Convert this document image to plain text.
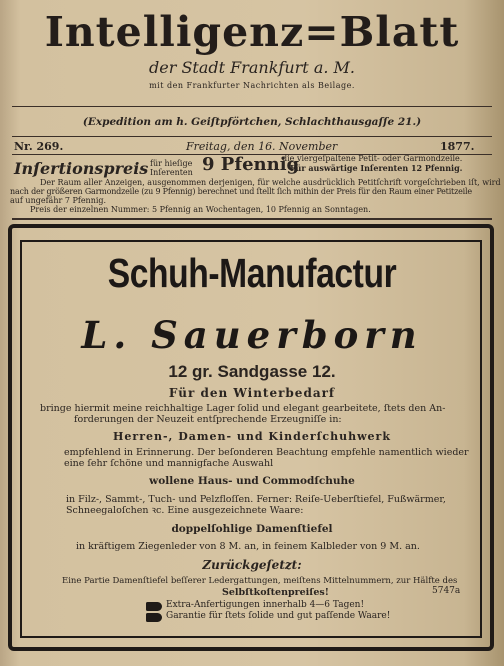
Intelligenz=Blatt
der Stadt Frankfurt a. M.
mit den Frankfurter Nachrichten als Beilage.
(Expedition am h. Geiſtpförtchen, Schlachthausgaſſe 21.)
Nr. 269.	Freitag, den 16. November	1877.
Inſertionspreis für hieſige Inſerenten 9 Pfennig
die viergeſpaltene Petit- oder Garmondzeile.
Für auswärtige Inſerenten 12 Pfennig.
Der Raum aller Anzeigen, ausgenommen derjenigen, für welche ausdrücklich Petitſchrift vorgeſchrieben iſt, wird
nach der größeren Garmondzeile (zu 9 Pfennig) berechnet und ſtellt ſich mithin der Preis für den Raum einer Petitzeile
auf ungefähr 7 Pfennig.
Preis der einzelnen Nummer: 5 Pfennig an Wochentagen, 10 Pfennig an Sonntagen.
Schuh-Manufactur
L. Sauerborn
12 gr. Sandgasse 12.
Für den Winterbedarf
bringe hiermit meine reichhaltige Lager ſolid und elegant gearbeitete, ſtets den An-
forderungen der Neuzeit entſprechende Erzeugniſſe in:
Herren-, Damen- und Kinderſchuhwerk
empfehlend in Erinnerung. Der beſonderen Beachtung empfehle namentlich wieder
eine ſehr ſchöne und mannigfache Auswahl
wollene Haus- und Commodſchuhe
in Filz-, Sammt-, Tuch- und Pelzfloſſen. Ferner: Reiſe-Ueberſtiefel, Fußwärmer,
Schneegaloſchen ꝛc. Eine ausgezeichnete Waare:
doppelſohlige Damenſtiefel
in kräftigem Ziegenleder von 8 M. an, in feinem Kalbleder von 9 M. an.
Zurückgeſetzt:
Eine Partie Damenſtiefel beſſerer Ledergattungen, meiſtens Mittelnummern, zur Hälfte des
Selbſtkoſtenpreiſes!	5747a
Extra-Anfertigungen innerhalb 4—6 Tagen!
Garantie für ſtets ſolide und gut paſſende Waare!
